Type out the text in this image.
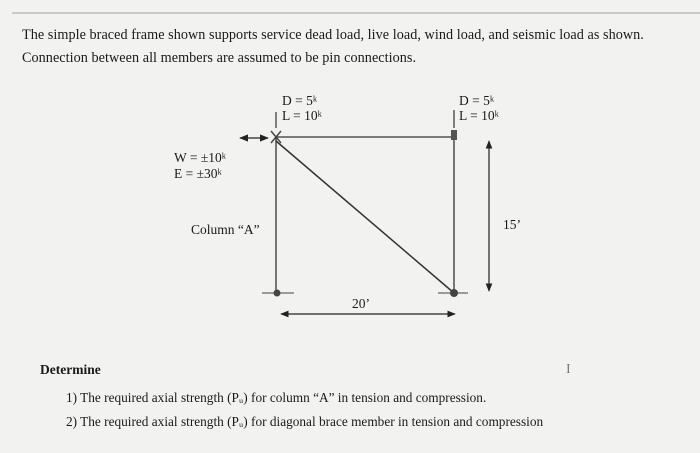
The simple braced frame shown supports service dead load, live load, wind load, and seismic load as shown.
Connection between all members are assumed to be pin connections.
D = 5ᵏ
L = 10ᵏ
D = 5ᵏ
L = 10ᵏ
W = ±10ᵏ
E = ±30ᵏ
Column “A”	15’
20’
Determine	I
1) The required axial strength (Pᵤ) for column “A” in tension and compression.
2) The required axial strength (Pᵤ) for diagonal brace member in tension and compression
